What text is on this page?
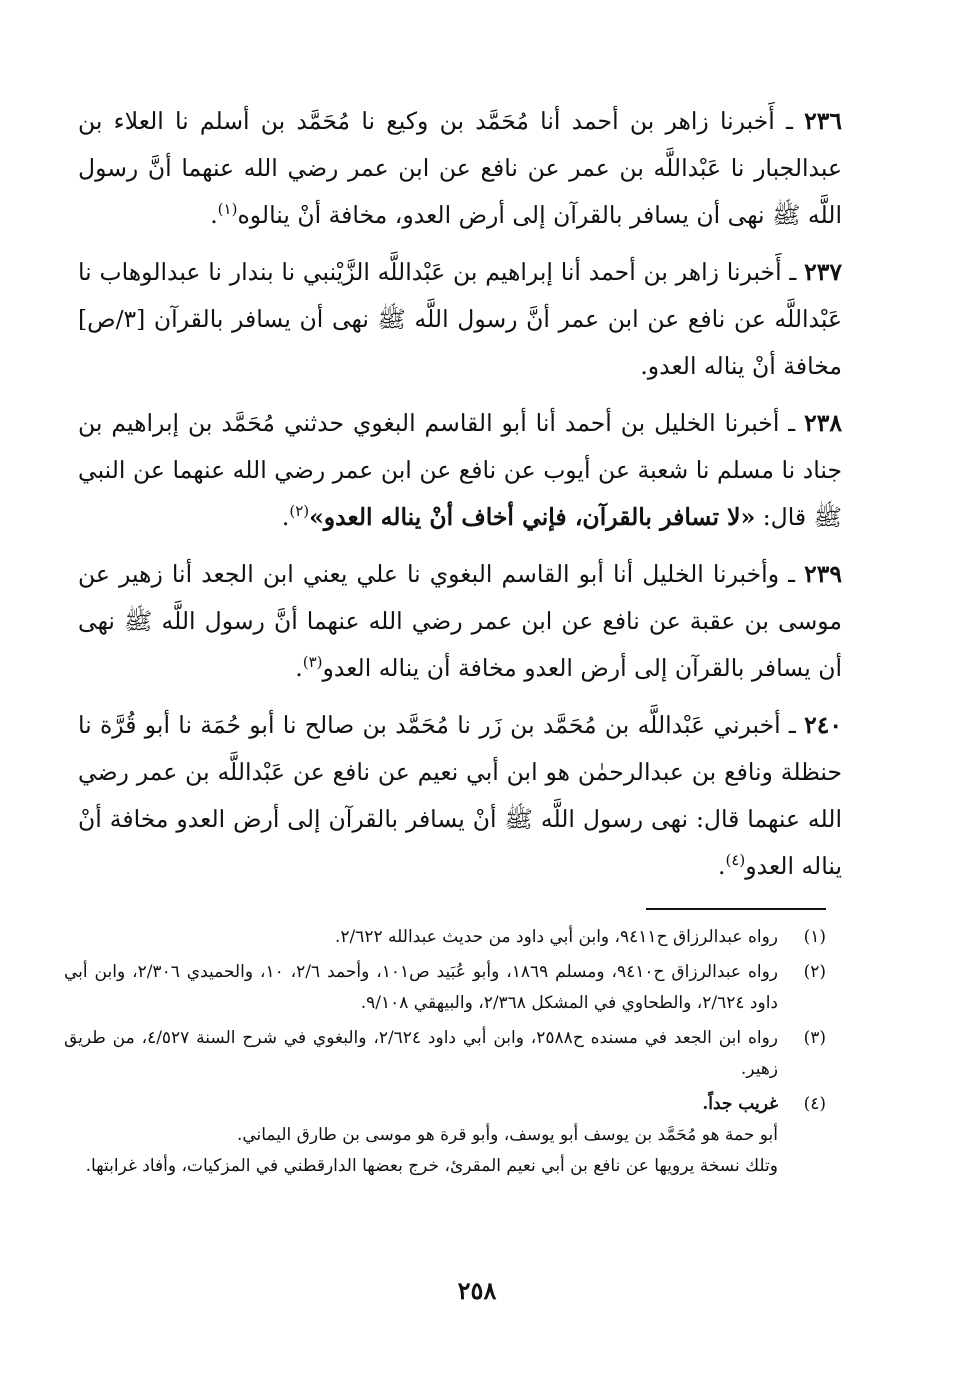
٢٣٦ ـ أَخبرنا زاهر بن أحمد أنا مُحَمَّد بن وكيع نا مُحَمَّد بن أسلم نا العلاء بن عبدالجبار نا عَبْداللَّه بن عمر عن نافع عن ابن عمر رضي الله عنهما أنَّ رسول اللَّه ﷺ نهى أن يسافر بالقرآن إلى أرض العدو، مخافة أنْ ينالوه$^{(١)}$.

٢٣٧ ـ أَخبرنا زاهر بن أحمد أنا إبراهيم بن عَبْداللَّه الزَّيْنبي نا بندار نا عبدالوهاب نا عَبْداللَّه عن نافع عن ابن عمر أنَّ رسول اللَّه ﷺ نهى أن يسافر بالقرآن [٣/ص] مخافة أنْ يناله العدو.

٢٣٨ ـ أخبرنا الخليل بن أحمد أنا أبو القاسم البغوي حدثني مُحَمَّد بن إبراهيم بن جناد نا مسلم نا شعبة عن أيوب عن نافع عن ابن عمر رضي الله عنهما عن النبي ﷺ قال: «لا تسافر بالقرآن، فإني أخاف أنْ يناله العدو»$^{(٢)}$.

٢٣٩ ـ وأخبرنا الخليل أنا أبو القاسم البغوي نا علي يعني ابن الجعد أنا زهير عن موسى بن عقبة عن نافع عن ابن عمر رضي الله عنهما أنَّ رسول اللَّه ﷺ نهى أن يسافر بالقرآن إلى أرض العدو مخافة أن يناله العدو$^{(٣)}$.

٢٤٠ ـ أخبرني عَبْداللَّه بن مُحَمَّد بن زَر نا مُحَمَّد بن صالح نا أبو حُمَة نا أبو قُرَّة نا حنظلة ونافع بن عبدالرحمٰن هو ابن أبي نعيم عن نافع عن عَبْداللَّه بن عمر رضي الله عنهما قال: نهى رسول اللَّه ﷺ أنْ يسافر بالقرآن إلى أرض العدو مخافة أنْ يناله العدو$^{(٤)}$.

(١)

رواه عبدالرزاق ح٩٤١١، وابن أبي داود من حديث عبدالله ٢/٦٢٢.

(٢)

رواه عبدالرزاق ح٩٤١٠، ومسلم ١٨٦٩، وأبو عُبَيد ص١٠١، وأحمد ٢/٦، ١٠، والحميدي ٢/٣٠٦، وابن أبي داود ٢/٦٢٤، والطحاوي في المشكل ٢/٣٦٨، والبيهقي ٩/١٠٨.

(٣)

رواه ابن الجعد في مسنده ح٢٥٨٨، وابن أبي داود ٢/٦٢٤، والبغوي في شرح السنة ٤/٥٢٧، من طريق زهير.

(٤)

غريب جداً.

أبو حمة هو مُحَمَّد بن يوسف أبو يوسف، وأبو قرة هو موسى بن طارق اليماني.

وتلك نسخة يرويها عن نافع بن أبي نعيم المقرئ، خرج بعضها الدارقطني في المزكيات، وأفاد غرابتها.

٢٥٨
